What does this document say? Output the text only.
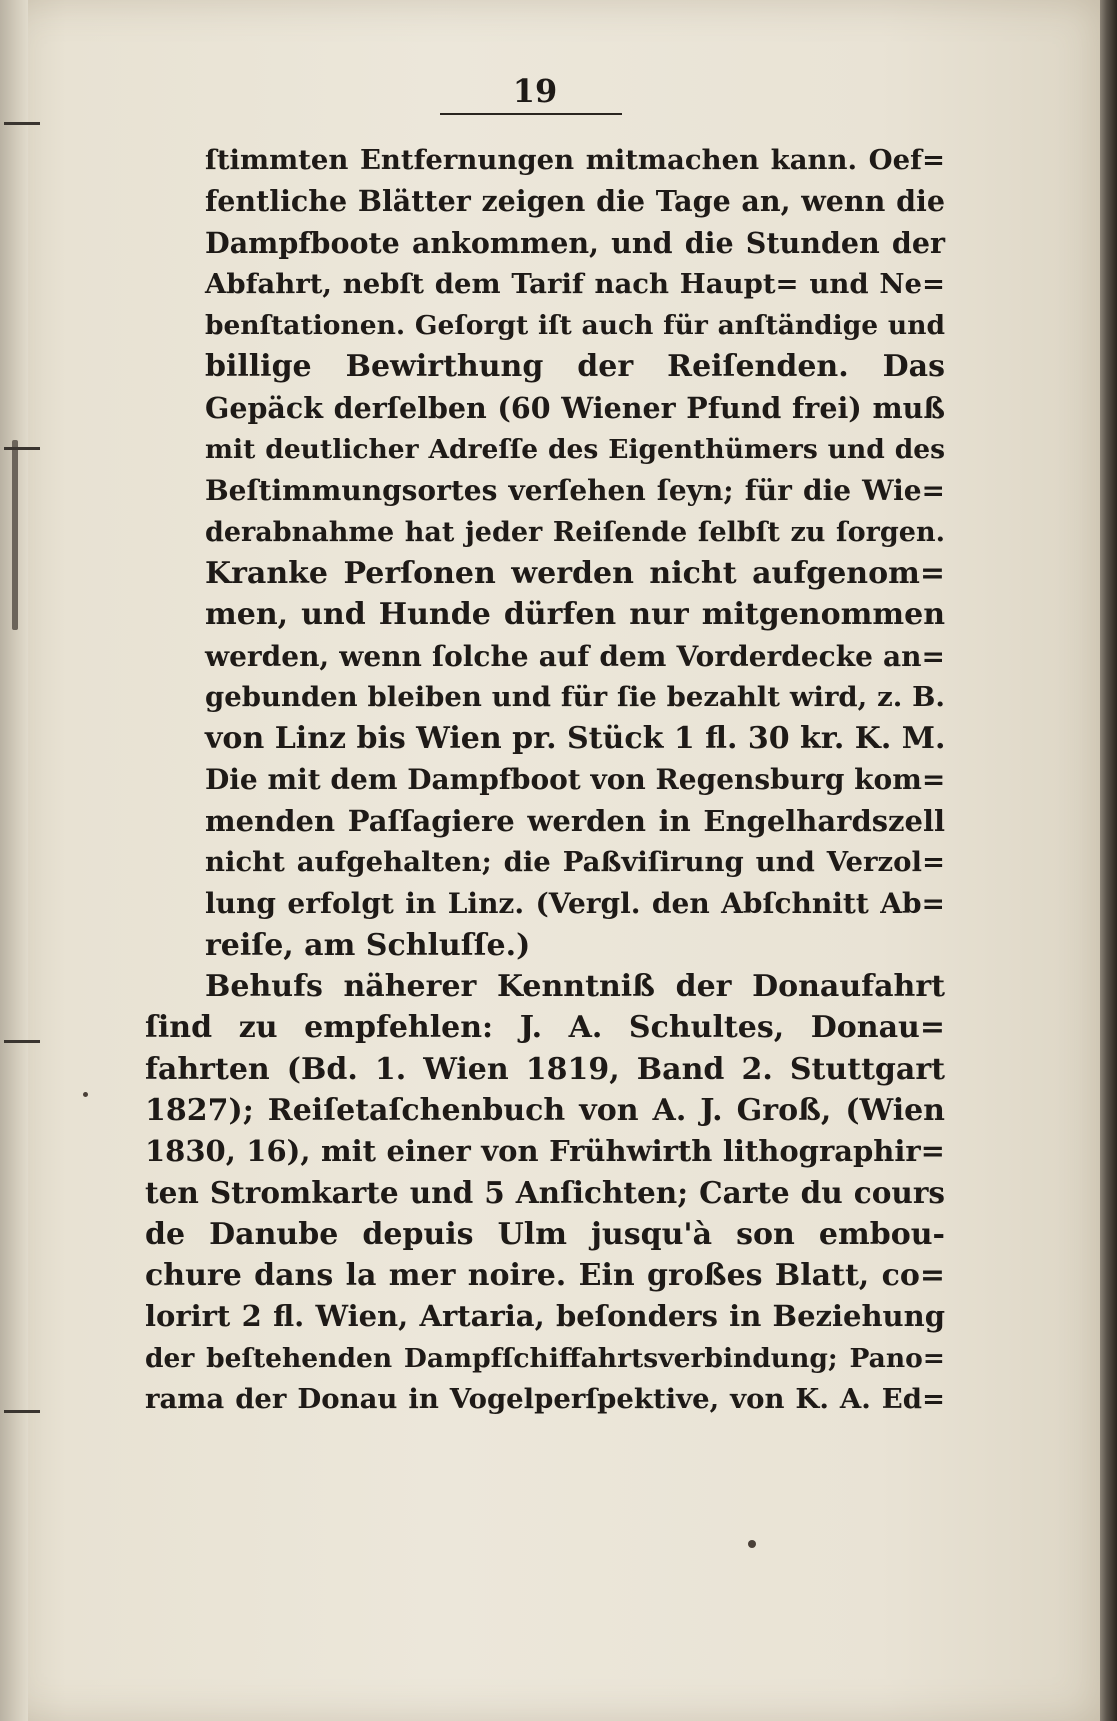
19
ſtimmten Entfernungen mitmachen kann. Oef=
fentliche Blätter zeigen die Tage an, wenn die
Dampfboote ankommen, und die Stunden der
Abfahrt, nebſt dem Tarif nach Haupt= und Ne=
benſtationen. Geſorgt iſt auch für anſtändige und
billige Bewirthung der Reiſenden. Das
Gepäck derſelben (60 Wiener Pfund frei) muß
mit deutlicher Adreſſe des Eigenthümers und des
Beſtimmungsortes verſehen ſeyn; für die Wie=
derabnahme hat jeder Reiſende ſelbſt zu ſorgen.
Kranke Perſonen werden nicht aufgenom=
men, und Hunde dürfen nur mitgenommen
werden, wenn ſolche auf dem Vorderdecke an=
gebunden bleiben und für ſie bezahlt wird, z. B.
von Linz bis Wien pr. Stück 1 fl. 30 kr. K. M.
Die mit dem Dampfboot von Regensburg kom=
menden Paſſagiere werden in Engelhardszell
nicht aufgehalten; die Paßviſirung und Verzol=
lung erfolgt in Linz. (Vergl. den Abſchnitt Ab=
reiſe, am Schluſſe.)
Behufs näherer Kenntniß der Donaufahrt
ſind zu empfehlen: J. A. Schultes, Donau=
fahrten (Bd. 1. Wien 1819, Band 2. Stuttgart
1827); Reiſetaſchenbuch von A. J. Groß, (Wien
1830, 16), mit einer von Frühwirth lithographir=
ten Stromkarte und 5 Anſichten; Carte du cours
de Danube depuis Ulm jusqu'à son embou-
chure dans la mer noire. Ein großes Blatt, co=
lorirt 2 fl. Wien, Artaria, beſonders in Beziehung
der beſtehenden Dampfſchiffahrtsverbindung; Pano=
rama der Donau in Vogelperſpektive, von K. A. Ed=
